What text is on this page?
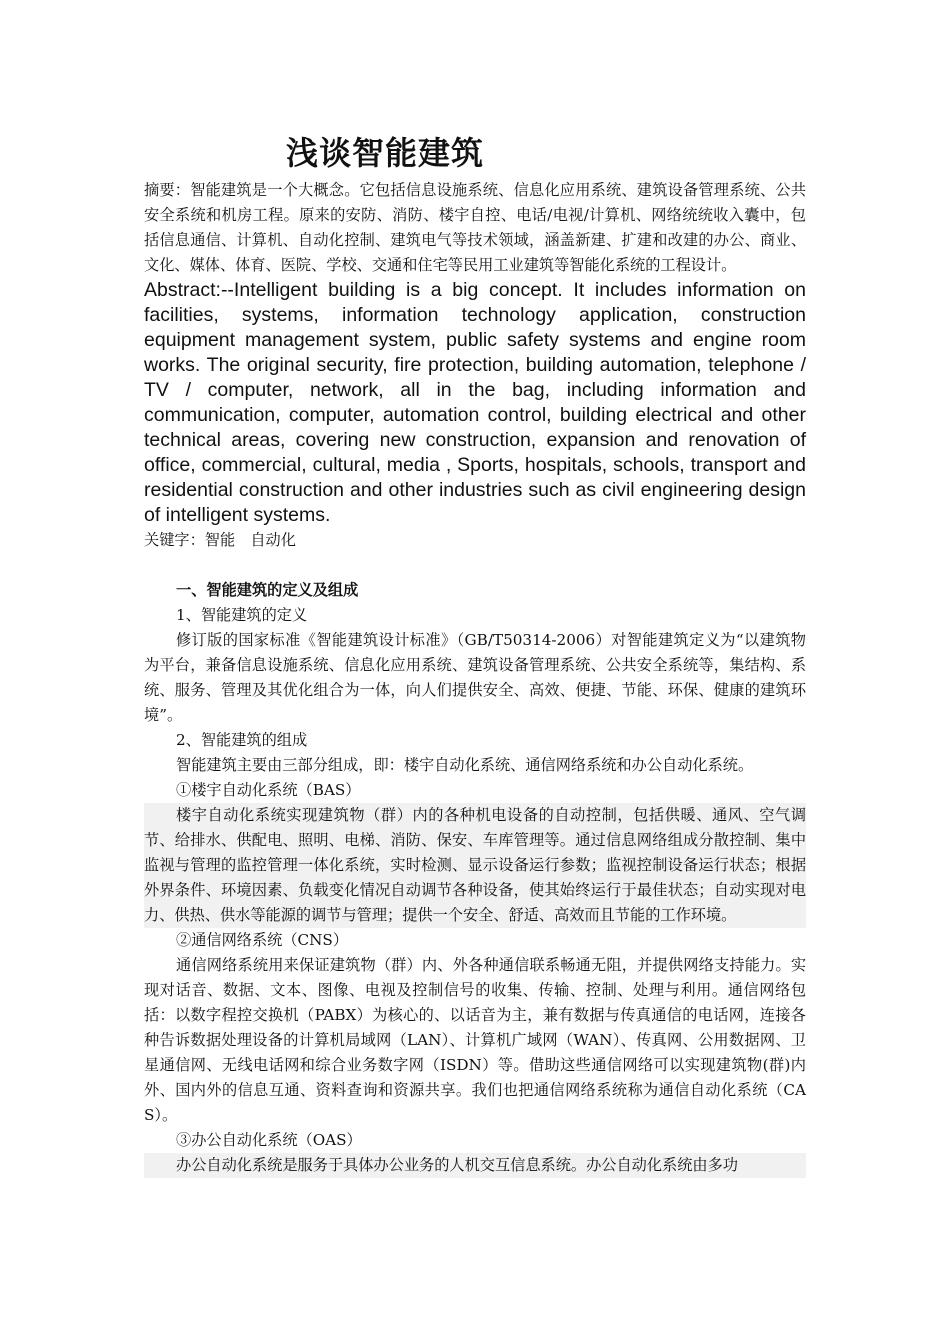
浅谈智能建筑

摘要：智能建筑是一个大概念。它包括信息设施系统、信息化应用系统、建筑设备管理系统、公共安全系统和机房工程。原来的安防、消防、楼宇自控、电话/电视/计算机、网络统统收入囊中，包括信息通信、计算机、自动化控制、建筑电气等技术领域，涵盖新建、扩建和改建的办公、商业、文化、媒体、体育、医院、学校、交通和住宅等民用工业建筑等智能化系统的工程设计。

Abstract:--Intelligent building is a big concept. It includes information on facilities, systems, information technology application, construction equipment management system, public safety systems and engine room works. The original security, fire protection, building automation, telephone / TV / computer, network, all in the bag, including information and communication, computer, automation control, building electrical and other technical areas, covering new construction, expansion and renovation of office, commercial, cultural, media , Sports, hospitals, schools, transport and residential construction and other industries such as civil engineering design of intelligent systems.

关键字：智能　自动化

一、智能建筑的定义及组成

1、智能建筑的定义

修订版的国家标准《智能建筑设计标准》（GB/T50314-2006）对智能建筑定义为“以建筑物为平台，兼备信息设施系统、信息化应用系统、建筑设备管理系统、公共安全系统等，集结构、系统、服务、管理及其优化组合为一体，向人们提供安全、高效、便捷、节能、环保、健康的建筑环境”。

2、智能建筑的组成

智能建筑主要由三部分组成，即：楼宇自动化系统、通信网络系统和办公自动化系统。

①楼宇自动化系统（BAS）

楼宇自动化系统实现建筑物（群）内的各种机电设备的自动控制，包括供暖、通风、空气调节、给排水、供配电、照明、电梯、消防、保安、车库管理等。通过信息网络组成分散控制、集中监视与管理的监控管理一体化系统，实时检测、显示设备运行参数；监视控制设备运行状态；根据外界条件、环境因素、负载变化情况自动调节各种设备，使其始终运行于最佳状态；自动实现对电力、供热、供水等能源的调节与管理；提供一个安全、舒适、高效而且节能的工作环境。

②通信网络系统（CNS）

通信网络系统用来保证建筑物（群）内、外各种通信联系畅通无阻，并提供网络支持能力。实现对话音、数据、文本、图像、电视及控制信号的收集、传输、控制、处理与利用。通信网络包括：以数字程控交换机（PABX）为核心的、以话音为主，兼有数据与传真通信的电话网，连接各种告诉数据处理设备的计算机局域网（LAN）、计算机广域网（WAN）、传真网、公用数据网、卫星通信网、无线电话网和综合业务数字网（ISDN）等。借助这些通信网络可以实现建筑物(群)内外、国内外的信息互通、资料查询和资源共享。我们也把通信网络系统称为通信自动化系统（CAS）。

③办公自动化系统（OAS）

办公自动化系统是服务于具体办公业务的人机交互信息系统。办公自动化系统由多功
